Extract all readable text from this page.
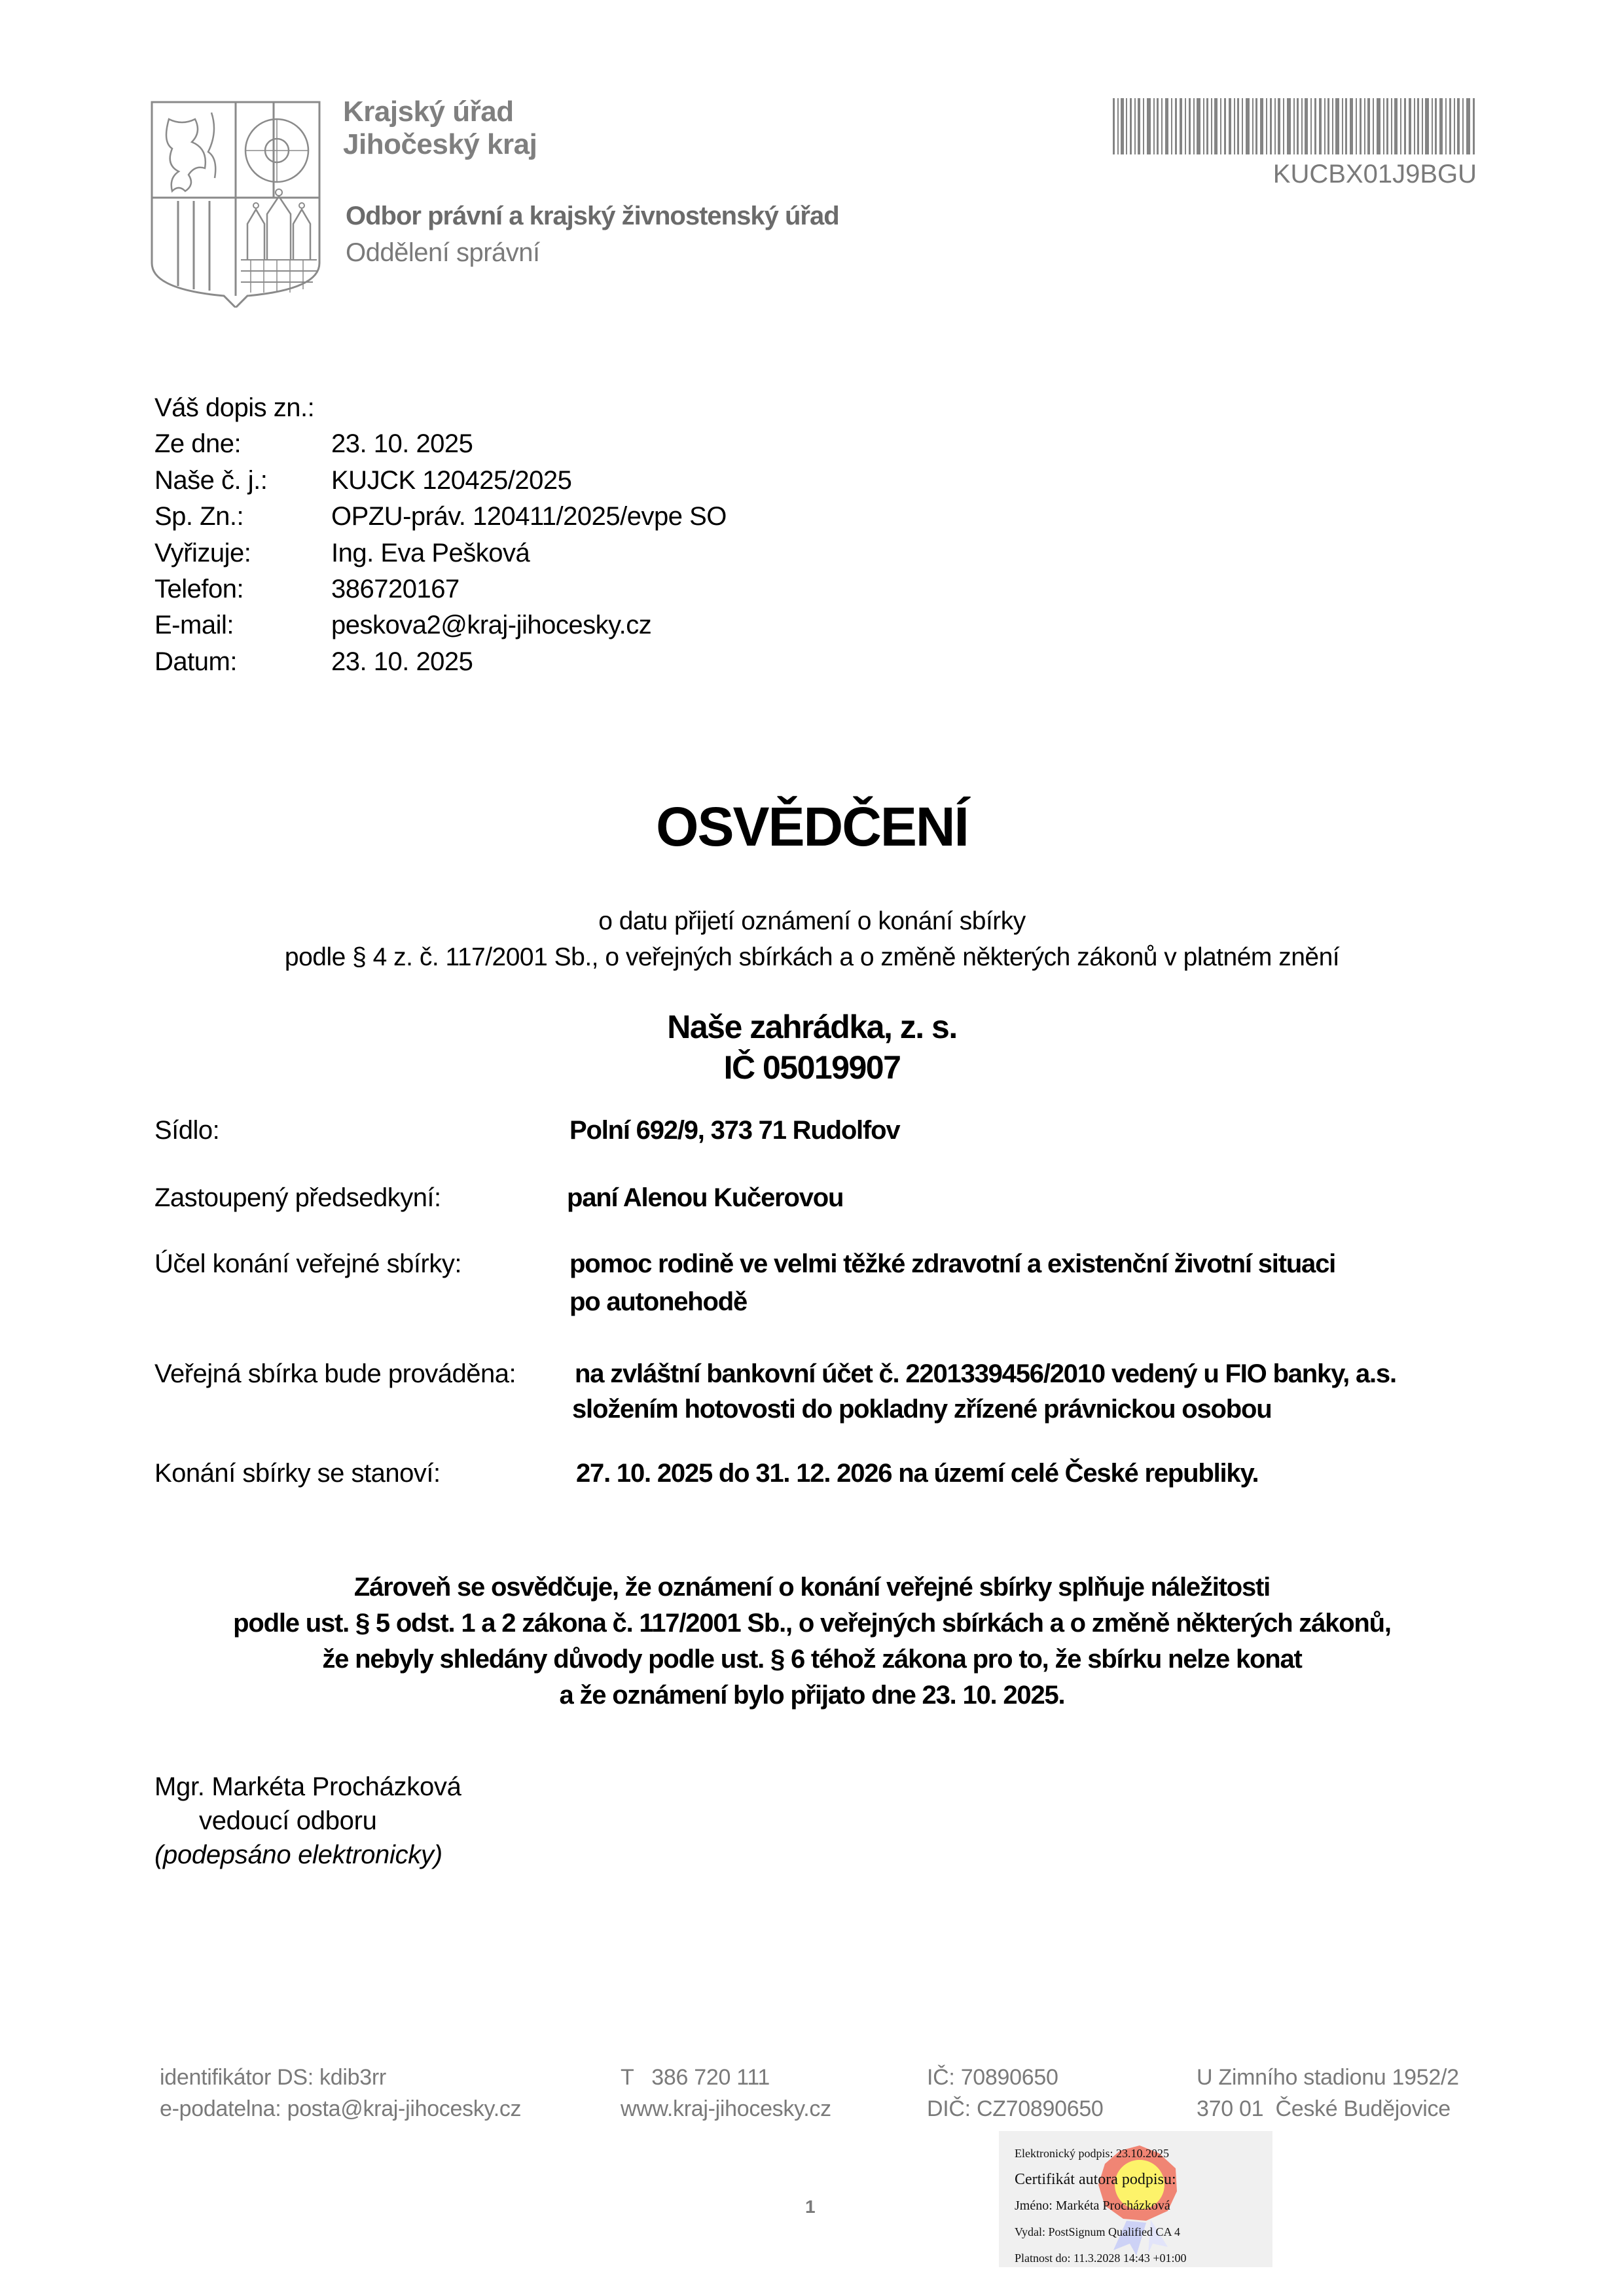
Krajský úřad
Jihočeský kraj
Odbor právní a krajský živnostenský úřad
Oddělení správní
KUCBX01J9BGU
Váš dopis zn.:
Ze dne:	23. 10. 2025
Naše č. j.:	KUJCK 120425/2025
Sp. Zn.:	OPZU-práv. 120411/2025/evpe SO
Vyřizuje:	Ing. Eva Pešková
Telefon:	386720167
E-mail:	peskova2@kraj-jihocesky.cz
Datum:	23. 10. 2025
OSVĚDČENÍ
o datu přijetí oznámení o konání sbírky
podle § 4 z. č. 117/2001 Sb., o veřejných sbírkách a o změně některých zákonů v platném znění
Naše zahrádka, z. s.
IČ 05019907
Sídlo:	Polní 692/9, 373 71 Rudolfov
Zastoupený předsedkyní:	paní Alenou Kučerovou
Účel konání veřejné sbírky:	pomoc rodině ve velmi těžké zdravotní a existenční životní situaci
po autonehodě
Veřejná sbírka bude prováděna: na zvláštní bankovní účet č. 2201339456/2010 vedený u FIO banky, a.s.
složením hotovosti do pokladny zřízené právnickou osobou
Konání sbírky se stanoví:	27. 10. 2025 do 31. 12. 2026 na území celé České republiky.
Zároveň se osvědčuje, že oznámení o konání veřejné sbírky splňuje náležitosti
podle ust. § 5 odst. 1 a 2 zákona č. 117/2001 Sb., o veřejných sbírkách a o změně některých zákonů,
že nebyly shledány důvody podle ust. § 6 téhož zákona pro to, že sbírku nelze konat
a že oznámení bylo přijato dne 23. 10. 2025.
Mgr. Markéta Procházková
vedoucí odboru
(podepsáno elektronicky)
identifikátor DS: kdib3rr
e-podatelna: posta@kraj-jihocesky.cz
T   386 720 111
www.kraj-jihocesky.cz
IČ: 70890650
DIČ: CZ70890650
U Zimního stadionu 1952/2
370 01  České Budějovice
1
Elektronický podpis: 23.10.2025
Certifikát autora podpisu:
Jméno: Markéta Procházková
Vydal: PostSignum Qualified CA 4
Platnost do: 11.3.2028 14:43 +01:00
